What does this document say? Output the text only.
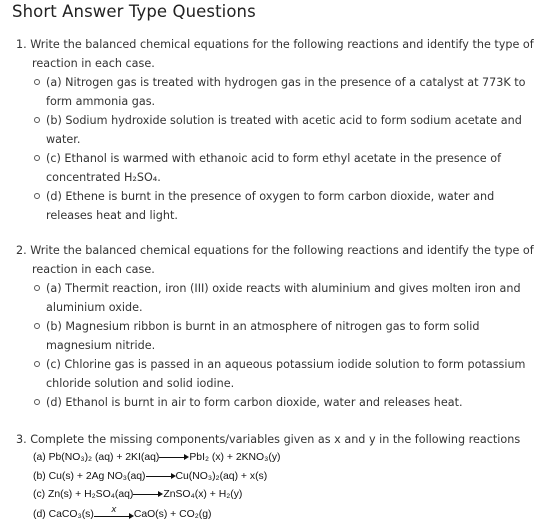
Short Answer Type Questions
1. Write the balanced chemical equations for the following reactions and identify the type of reaction in each case.
(a) Nitrogen gas is treated with hydrogen gas in the presence of a catalyst at 773K to form ammonia gas.
(b) Sodium hydroxide solution is treated with acetic acid to form sodium acetate and water.
(c) Ethanol is warmed with ethanoic acid to form ethyl acetate in the presence of concentrated H₂SO₄.
(d) Ethene is burnt in the presence of oxygen to form carbon dioxide, water and releases heat and light.
2. Write the balanced chemical equations for the following reactions and identify the type of reaction in each case.
(a) Thermit reaction, iron (III) oxide reacts with aluminium and gives molten iron and aluminium oxide.
(b) Magnesium ribbon is burnt in an atmosphere of nitrogen gas to form solid magnesium nitride.
(c) Chlorine gas is passed in an aqueous potassium iodide solution to form potassium chloride solution and solid iodine.
(d) Ethanol is burnt in air to form carbon dioxide, water and releases heat.
3. Complete the missing components/variables given as x and y in the following reactions
(a) Pb(NO₃)₂ (aq) + 2KI(aq)	PbI₂ (x) + 2KNO₃(y)
(b) Cu(s) + 2Ag NO₃(aq)	Cu(NO₃)₂(aq) + x(s)
(c) Zn(s) + H₂SO₄(aq)	ZnSO₄(x) + H₂(y)
(d) CaCO₃(s) x CaO(s) + CO₂(g)
